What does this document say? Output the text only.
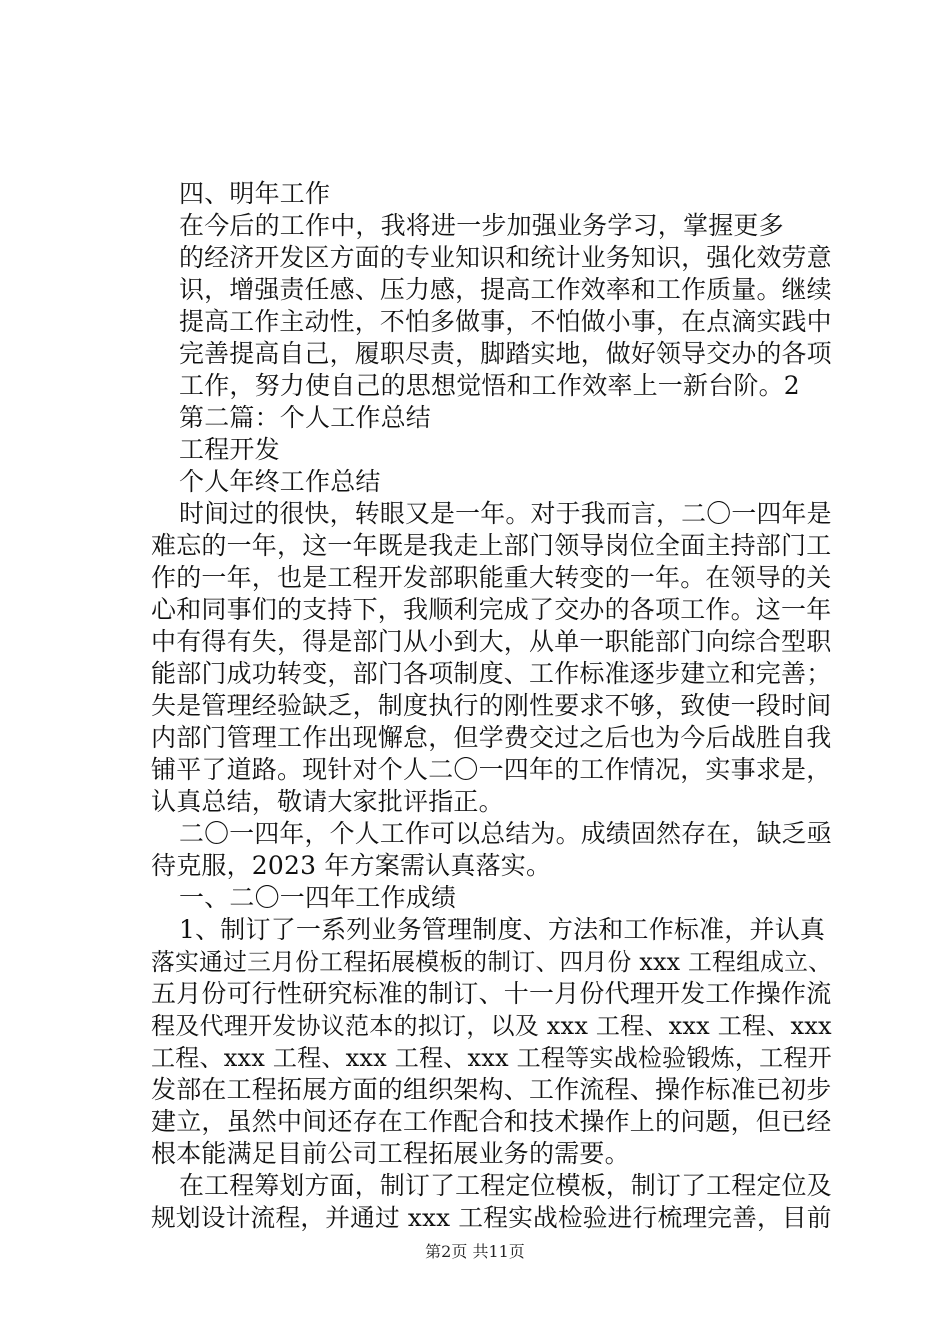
四、明年工作
在今后的工作中，我将进一步加强业务学习，掌握更多
的经济开发区方面的专业知识和统计业务知识，强化效劳意
识，增强责任感、压力感，提高工作效率和工作质量。继续
提高工作主动性，不怕多做事，不怕做小事，在点滴实践中
完善提高自己，履职尽责，脚踏实地，做好领导交办的各项
工作，努力使自己的思想觉悟和工作效率上一新台阶。2
第二篇：个人工作总结
工程开发
个人年终工作总结
时间过的很快，转眼又是一年。对于我而言，二〇一四年是
难忘的一年，这一年既是我走上部门领导岗位全面主持部门工
作的一年，也是工程开发部职能重大转变的一年。在领导的关
心和同事们的支持下，我顺利完成了交办的各项工作。这一年
中有得有失，得是部门从小到大，从单一职能部门向综合型职
能部门成功转变，部门各项制度、工作标准逐步建立和完善；
失是管理经验缺乏，制度执行的刚性要求不够，致使一段时间
内部门管理工作出现懈怠，但学费交过之后也为今后战胜自我
铺平了道路。现针对个人二〇一四年的工作情况，实事求是，
认真总结，敬请大家批评指正。
二〇一四年，个人工作可以总结为。成绩固然存在，缺乏亟
待克服，2023 年方案需认真落实。
一、二〇一四年工作成绩
1、制订了一系列业务管理制度、方法和工作标准，并认真
落实通过三月份工程拓展模板的制订、四月份 xxx 工程组成立、
五月份可行性研究标准的制订、十一月份代理开发工作操作流
程及代理开发协议范本的拟订，以及 xxx 工程、xxx 工程、xxx
工程、xxx 工程、xxx 工程、xxx 工程等实战检验锻炼，工程开
发部在工程拓展方面的组织架构、工作流程、操作标准已初步
建立，虽然中间还存在工作配合和技术操作上的问题，但已经
根本能满足目前公司工程拓展业务的需要。
在工程筹划方面，制订了工程定位模板，制订了工程定位及
规划设计流程，并通过 xxx 工程实战检验进行梳理完善，目前
第2页 共11页
